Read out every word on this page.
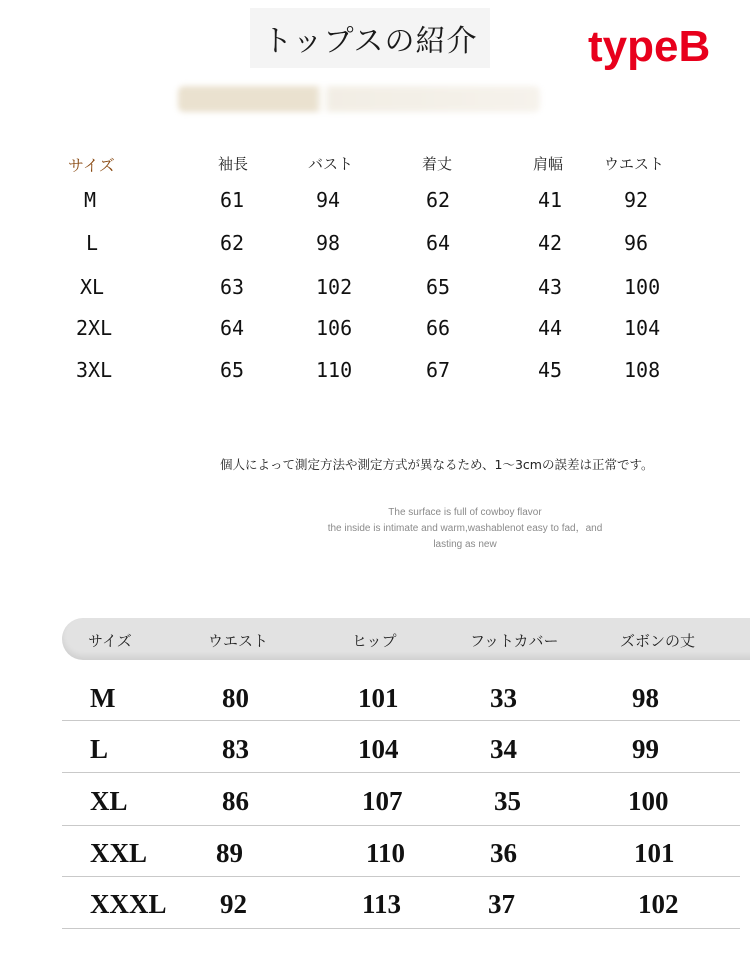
トップスの紹介	typeB
サイズ	袖長	バスト	着丈	肩幅	ウエスト
M	61	94	62	41	92
L	62	98	64	42	96
XL	63	102	65	43	100
2XL	64	106	66	44	104
3XL	65	110	67	45	108
個人によって測定方法や測定方式が異なるため、1〜3cmの誤差は正常です。
The surface is full of cowboy flavor
the inside is intimate and warm,washablenot easy to fad，and
lasting as new
サイズ	ウエスト	ヒップ	フットカバー	ズボンの丈
M	80	101	33	98
L	83	104	34	99
XL	86	107	35	100
XXL	89	110	36	101
XXXL 92	113	37	102
